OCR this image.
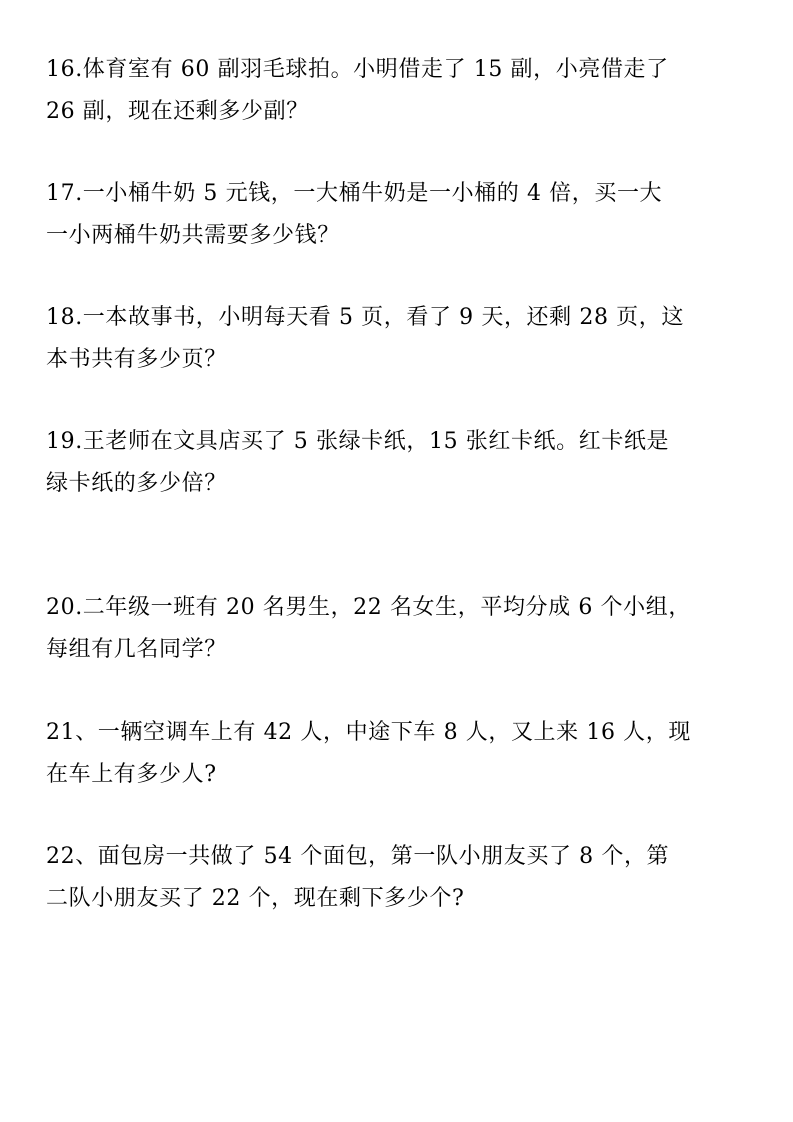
16.体育室有 60 副羽毛球拍。小明借走了 15 副，小亮借走了
26 副，现在还剩多少副？
17.一小桶牛奶 5 元钱，一大桶牛奶是一小桶的 4 倍，买一大
一小两桶牛奶共需要多少钱？
18.一本故事书，小明每天看 5 页，看了 9 天，还剩 28 页，这
本书共有多少页？
19.王老师在文具店买了 5 张绿卡纸，15 张红卡纸。红卡纸是
绿卡纸的多少倍？
20.二年级一班有 20 名男生，22 名女生，平均分成 6 个小组，
每组有几名同学？
21、一辆空调车上有 42 人，中途下车 8 人，又上来 16 人，现
在车上有多少人?
22、面包房一共做了 54 个面包，第一队小朋友买了 8 个，第
二队小朋友买了 22 个，现在剩下多少个?
